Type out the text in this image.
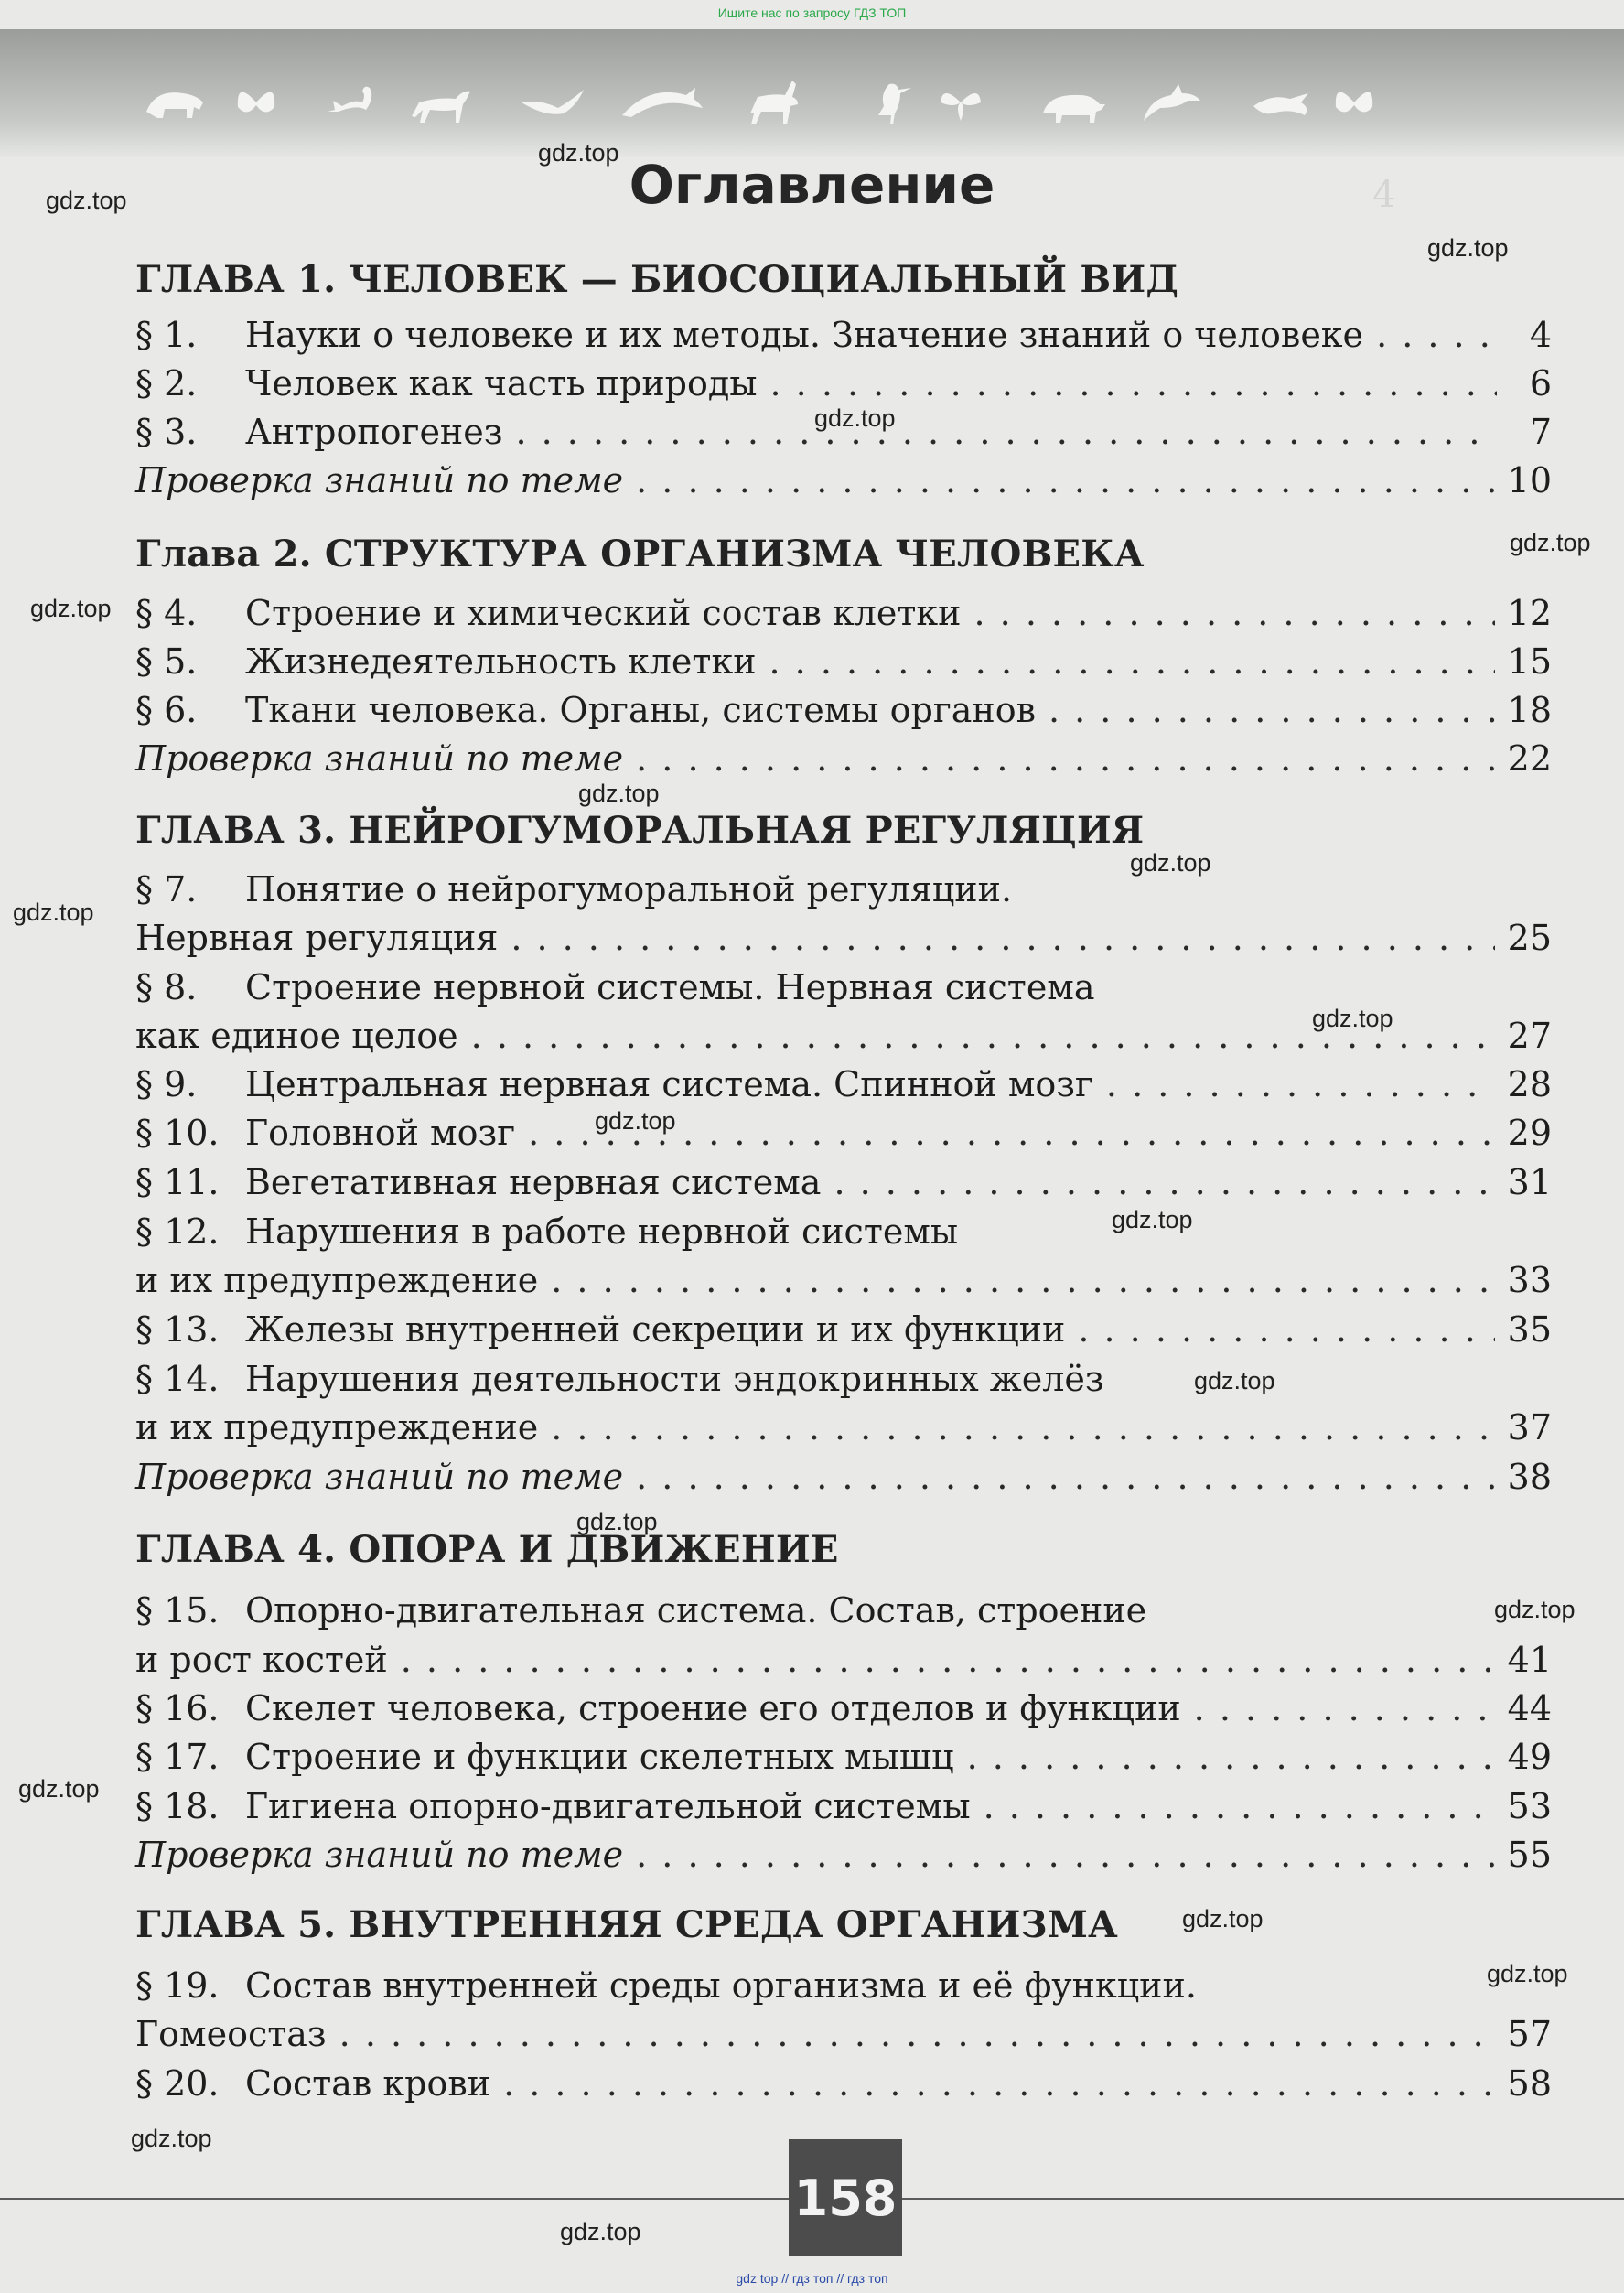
Ищите нас по запросу ГДЗ ТОП
4
Оглавление
ГЛАВА 1. ЧЕЛОВЕК — БИОСОЦИАЛЬНЫЙ ВИД
§ 1.	Науки о человеке и их методы. Значение знаний о человеке . . .	4
§ 2.	Человек как часть природы . . .	6
§ 3.	Антропогенез . . .	7
Проверка знаний по теме . . .	10
Глава 2. СТРУКТУРА ОРГАНИЗМА ЧЕЛОВЕКА
§ 4.	Строение и химический состав клетки . . .	12
§ 5.	Жизнедеятельность клетки . . .	15
§ 6.	Ткани человека. Органы, системы органов . . .	18
Проверка знаний по теме . . .	22
ГЛАВА 3. НЕЙРОГУМОРАЛЬНАЯ РЕГУЛЯЦИЯ
§ 7.	Понятие о нейрогуморальной регуляции.
Нервная регуляция . . .	25
§ 8.	Строение нервной системы. Нервная система
как единое целое . . .	27
§ 9.	Центральная нервная система. Спинной мозг . . .	28
§ 10. Головной мозг . . .	29
§ 11. Вегетативная нервная система . . .	31
§ 12. Нарушения в работе нервной системы
и их предупреждение . . .	33
§ 13. Железы внутренней секреции и их функции . . .	35
§ 14. Нарушения деятельности эндокринных желёз
и их предупреждение . . .	37
Проверка знаний по теме . . .	38
ГЛАВА 4. ОПОРА И ДВИЖЕНИЕ
§ 15. Опорно-двигательная система. Состав, строение
и рост костей . . .	41
§ 16. Скелет человека, строение его отделов и функции . . .	44
§ 17. Строение и функции скелетных мышц . . .	49
§ 18. Гигиена опорно-двигательной системы . . .	53
Проверка знаний по теме . . .	55
ГЛАВА 5. ВНУТРЕННЯЯ СРЕДА ОРГАНИЗМА
§ 19. Состав внутренней среды организма и её функции.
Гомеостаз . . .	57
§ 20. Состав крови . . .	58
gdz.top
gdz.top
gdz.top
gdz.top
gdz.top
gdz.top
gdz.top
gdz.top
gdz.top
gdz.top
gdz.top
gdz.top
gdz.top
gdz.top
gdz.top
gdz.top
gdz.top
gdz.top
gdz.top
gdz.top
158
gdz top // гдз топ // гдз топ
